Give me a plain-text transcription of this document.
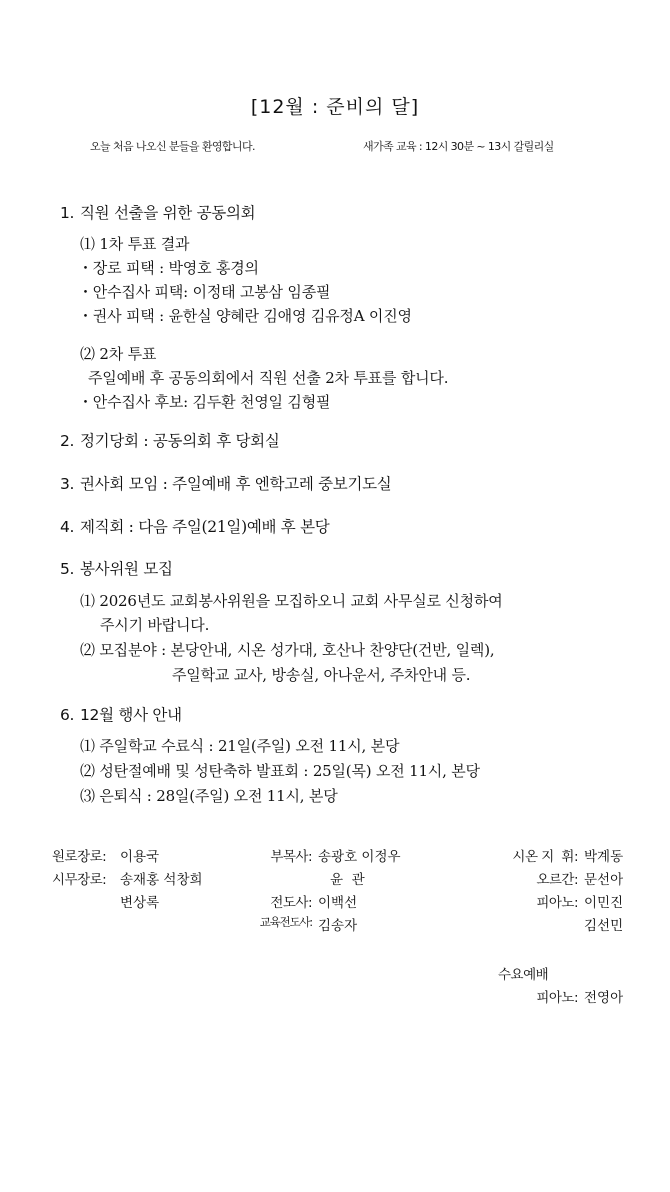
[12월 : 준비의 달]
오늘 처음 나오신 분들을 환영합니다.	새가족 교육 : 12시 30분 ~ 13시 갈릴리실
1. 직원 선출을 위한 공동의회
⑴ 1차 투표 결과
・장로 피택 : 박영호 홍경의
・안수집사 피택: 이정태 고봉삼 임종필
・권사 피택 : 윤한실 양혜란 김애영 김유정A 이진영
⑵ 2차 투표
주일예배 후 공동의회에서 직원 선출 2차 투표를 합니다.
・안수집사 후보: 김두환 천영일 김형필
2. 정기당회 : 공동의회 후 당회실
3. 권사회 모임 : 주일예배 후 엔학고레 중보기도실
4. 제직회 : 다음 주일(21일)예배 후 본당
5. 봉사위원 모집
⑴ 2026년도 교회봉사위원을 모집하오니 교회 사무실로 신청하여
주시기 바랍니다.
⑵ 모집분야 : 본당안내, 시온 성가대, 호산나 찬양단(건반, 일렉),
주일학교 교사, 방송실, 아나운서, 주차안내 등.
6. 12월 행사 안내
⑴ 주일학교 수료식 : 21일(주일) 오전 11시, 본당
⑵ 성탄절예배 및 성탄축하 발표회 : 25일(목) 오전 11시, 본당
⑶ 은퇴식 : 28일(주일) 오전 11시, 본당
원로장로: 이용국
시무장로: 송재홍 석창희
변상록
부목사: 송광호 이정우
윤  관
전도사: 이백선
교육전도사: 김송자
시온 지  휘: 박계동
오르간: 문선아
피아노: 이민진
김선민
수요예배
피아노: 전영아
